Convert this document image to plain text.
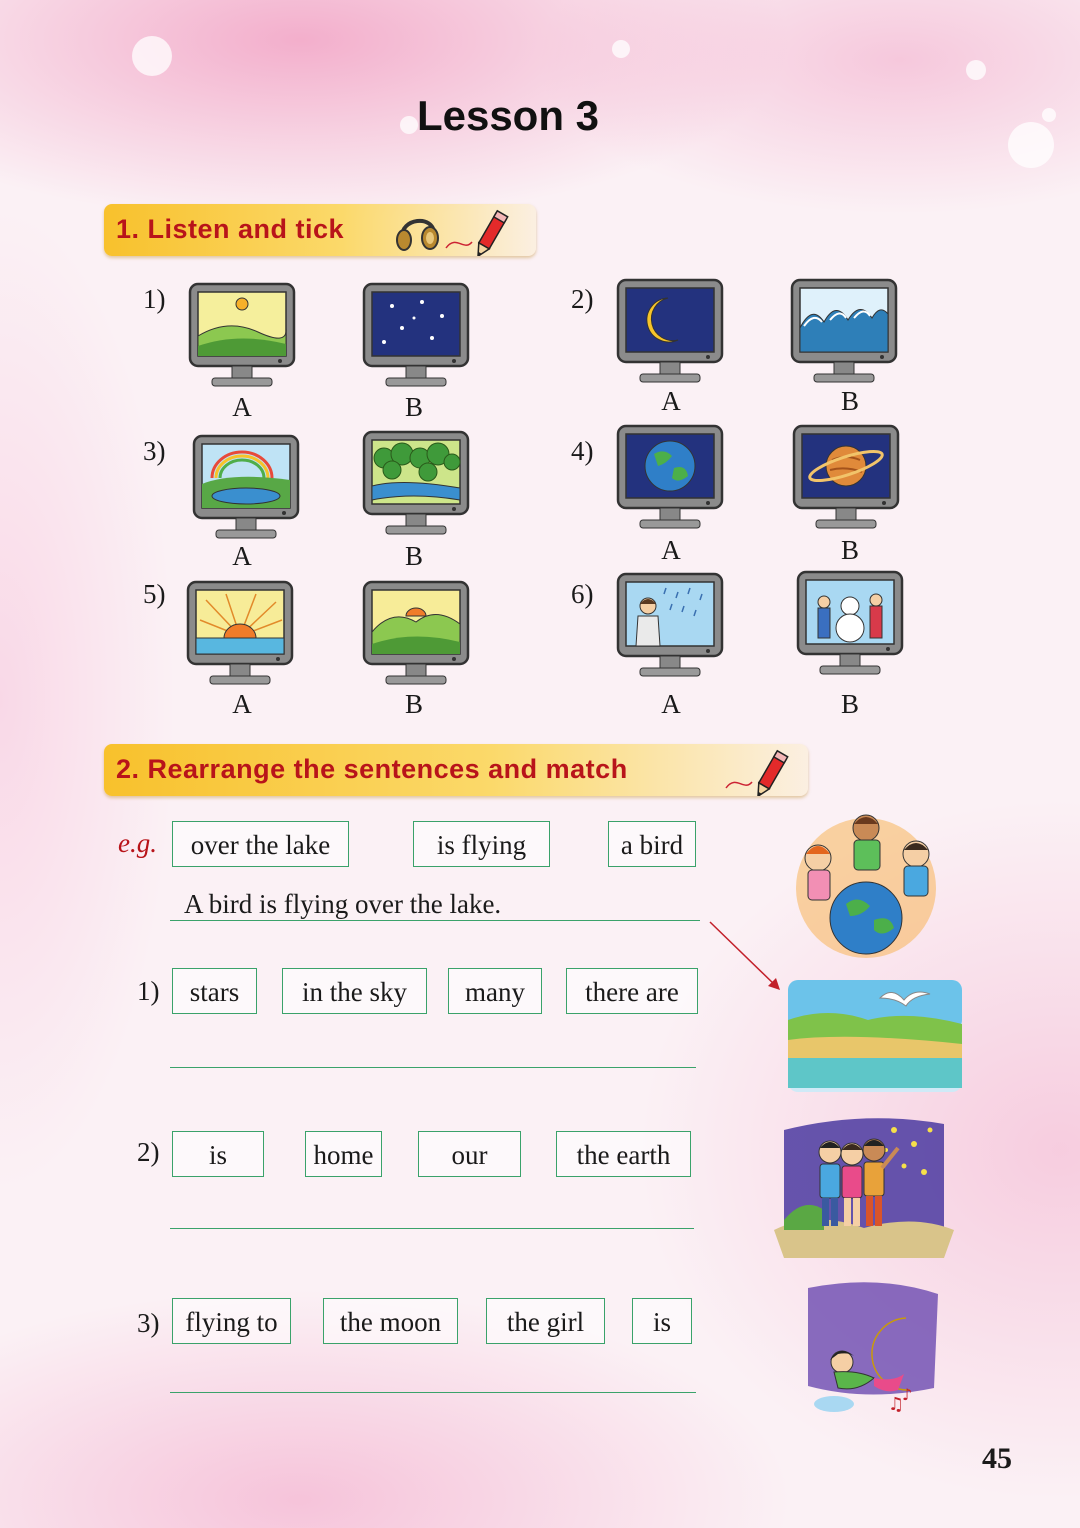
Lesson 3
1. Listen and tick
1)	2)
3)	4)
5)	6)
A	B	A	B
A	B	A	B
A	B	A	B
2. Rearrange the sentences and match
e.g.	over the lake	is flying	a bird
A bird is flying over the lake.
1)	stars	in the sky	many	there are
2)	is	home	our	the earth
3) flying to	the moon	the girl	is
♫
♪
45
